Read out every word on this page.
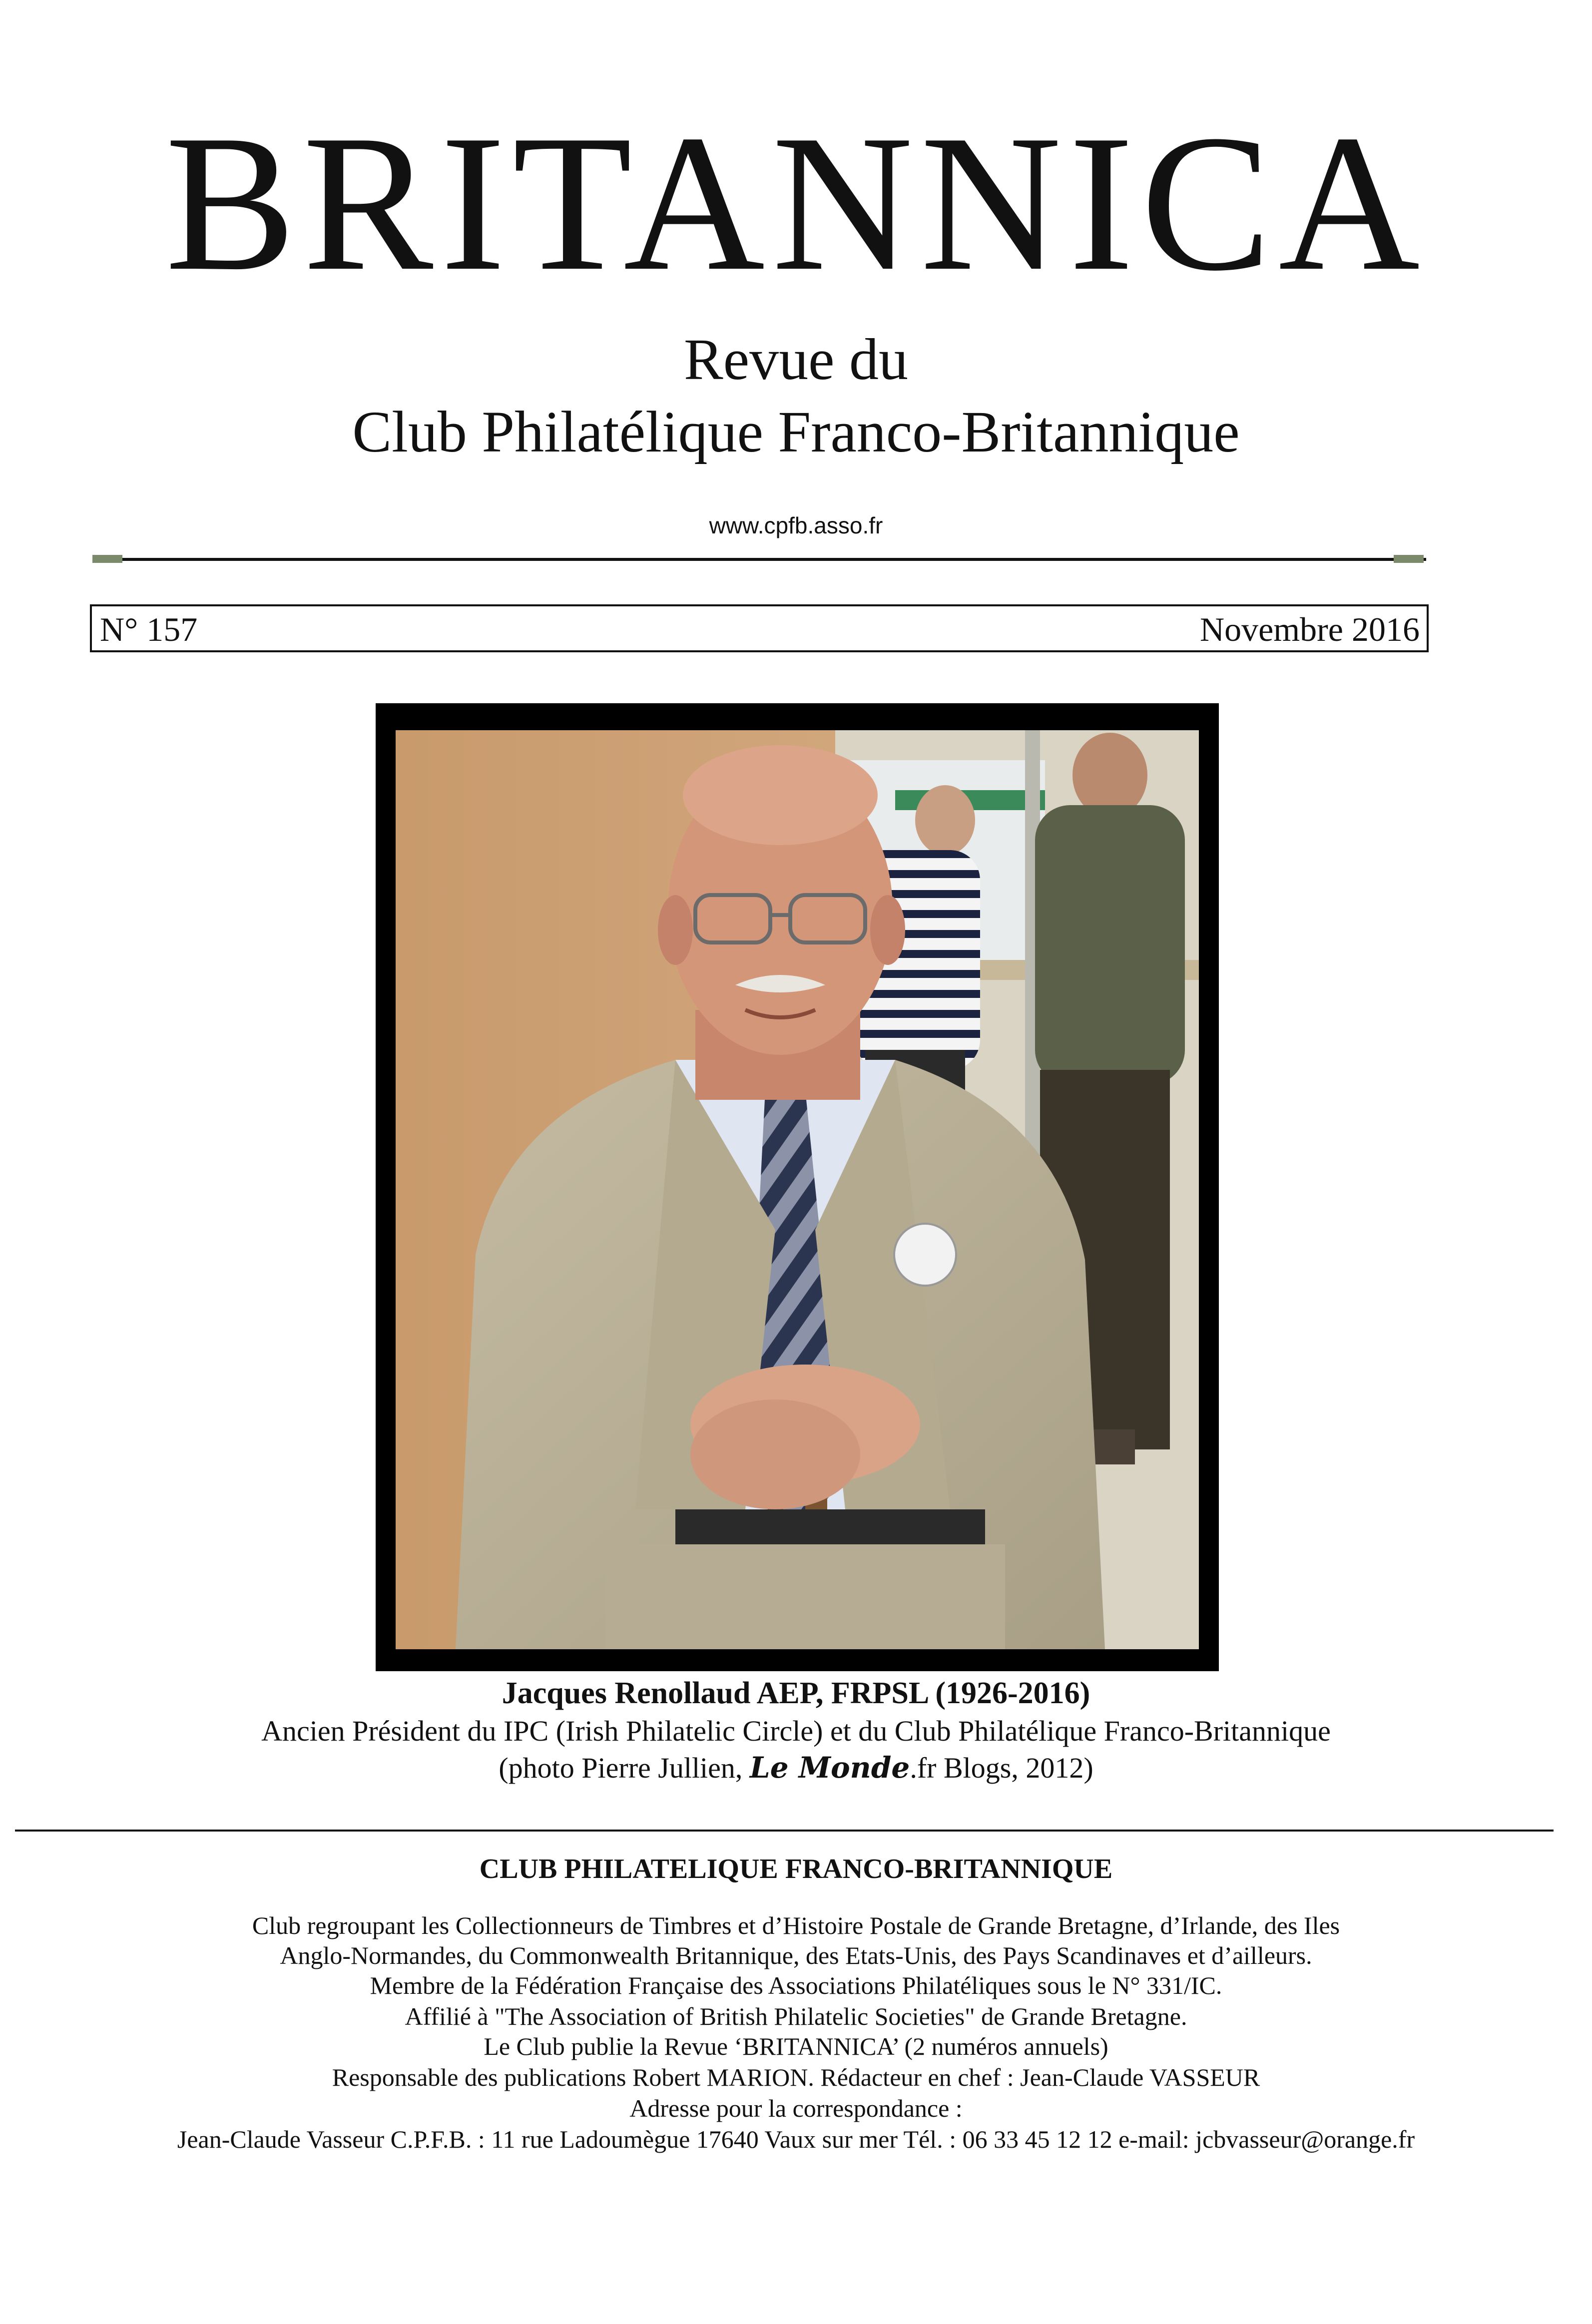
BRITANNICA
Revue du
Club Philatélique Franco-Britannique
www.cpfb.asso.fr
N° 157	Novembre 2016
Jacques Renollaud AEP, FRPSL (1926-2016)
Ancien Président du IPC (Irish Philatelic Circle) et du Club Philatélique Franco-Britannique
(photo Pierre Jullien, Le Monde.fr Blogs, 2012)
CLUB PHILATELIQUE FRANCO-BRITANNIQUE
Club regroupant les Collectionneurs de Timbres et d’Histoire Postale de Grande Bretagne, d’Irlande, des Iles
Anglo-Normandes, du Commonwealth Britannique, des Etats-Unis, des Pays Scandinaves et d’ailleurs.
Membre de la Fédération Française des Associations Philatéliques sous le N° 331/IC.
Affilié à "The Association of British Philatelic Societies" de Grande Bretagne.
Le Club publie la Revue ‘BRITANNICA’ (2 numéros annuels)
Responsable des publications Robert MARION. Rédacteur en chef : Jean-Claude VASSEUR
Adresse pour la correspondance :
Jean-Claude Vasseur C.P.F.B. : 11 rue Ladoumègue 17640 Vaux sur mer Tél. : 06 33 45 12 12 e-mail: jcbvasseur@orange.fr
